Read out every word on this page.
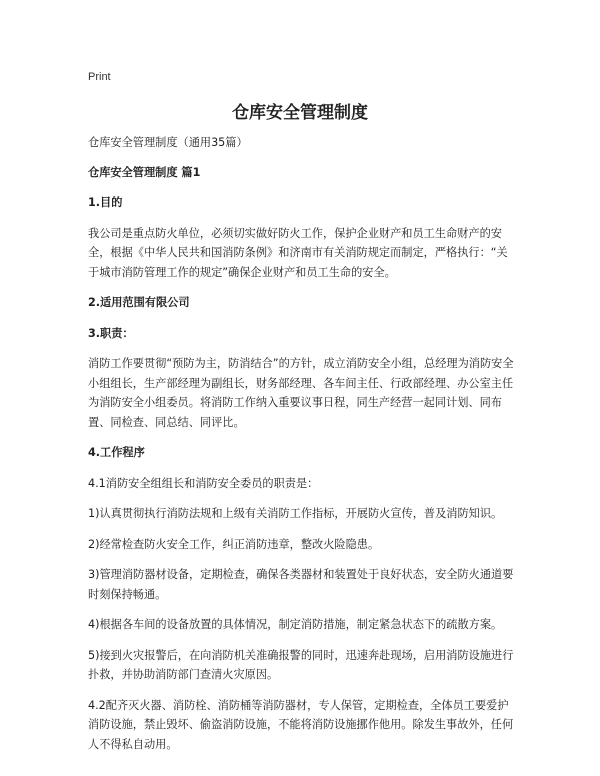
Print
仓库安全管理制度
仓库安全管理制度（通用35篇）
仓库安全管理制度 篇1
1.目的
我公司是重点防火单位，必须切实做好防火工作，保护企业财产和员工生命财产的安全，根据《中华人民共和国消防条例》和济南市有关消防规定而制定，严格执行：“关于城市消防管理工作的规定”确保企业财产和员工生命的安全。
2.适用范围有限公司
3.职责：
消防工作要贯彻“预防为主，防消结合”的方针，成立消防安全小组，总经理为消防安全小组组长，生产部经理为副组长，财务部经理、各车间主任、行政部经理、办公室主任为消防安全小组委员。将消防工作纳入重要议事日程，同生产经营一起同计划、同布置、同检查、同总结、同评比。
4.工作程序
4.1消防安全组组长和消防安全委员的职责是：
1)认真贯彻执行消防法规和上级有关消防工作指标，开展防火宣传，普及消防知识。
2)经常检查防火安全工作，纠正消防违章，整改火险隐患。
3)管理消防器材设备，定期检查，确保各类器材和装置处于良好状态，安全防火通道要时刻保持畅通。
4)根据各车间的设备放置的具体情况，制定消防措施，制定紧急状态下的疏散方案。
5)接到火灾报警后，在向消防机关准确报警的同时，迅速奔赴现场，启用消防设施进行扑救，并协助消防部门查清火灾原因。
4.2配齐灭火器、消防栓、消防桶等消防器材，专人保管，定期检查，全体员工要爱护消防设施，禁止毁坏、偷盗消防设施，不能将消防设施挪作他用。除发生事故外，任何人不得私自动用。
